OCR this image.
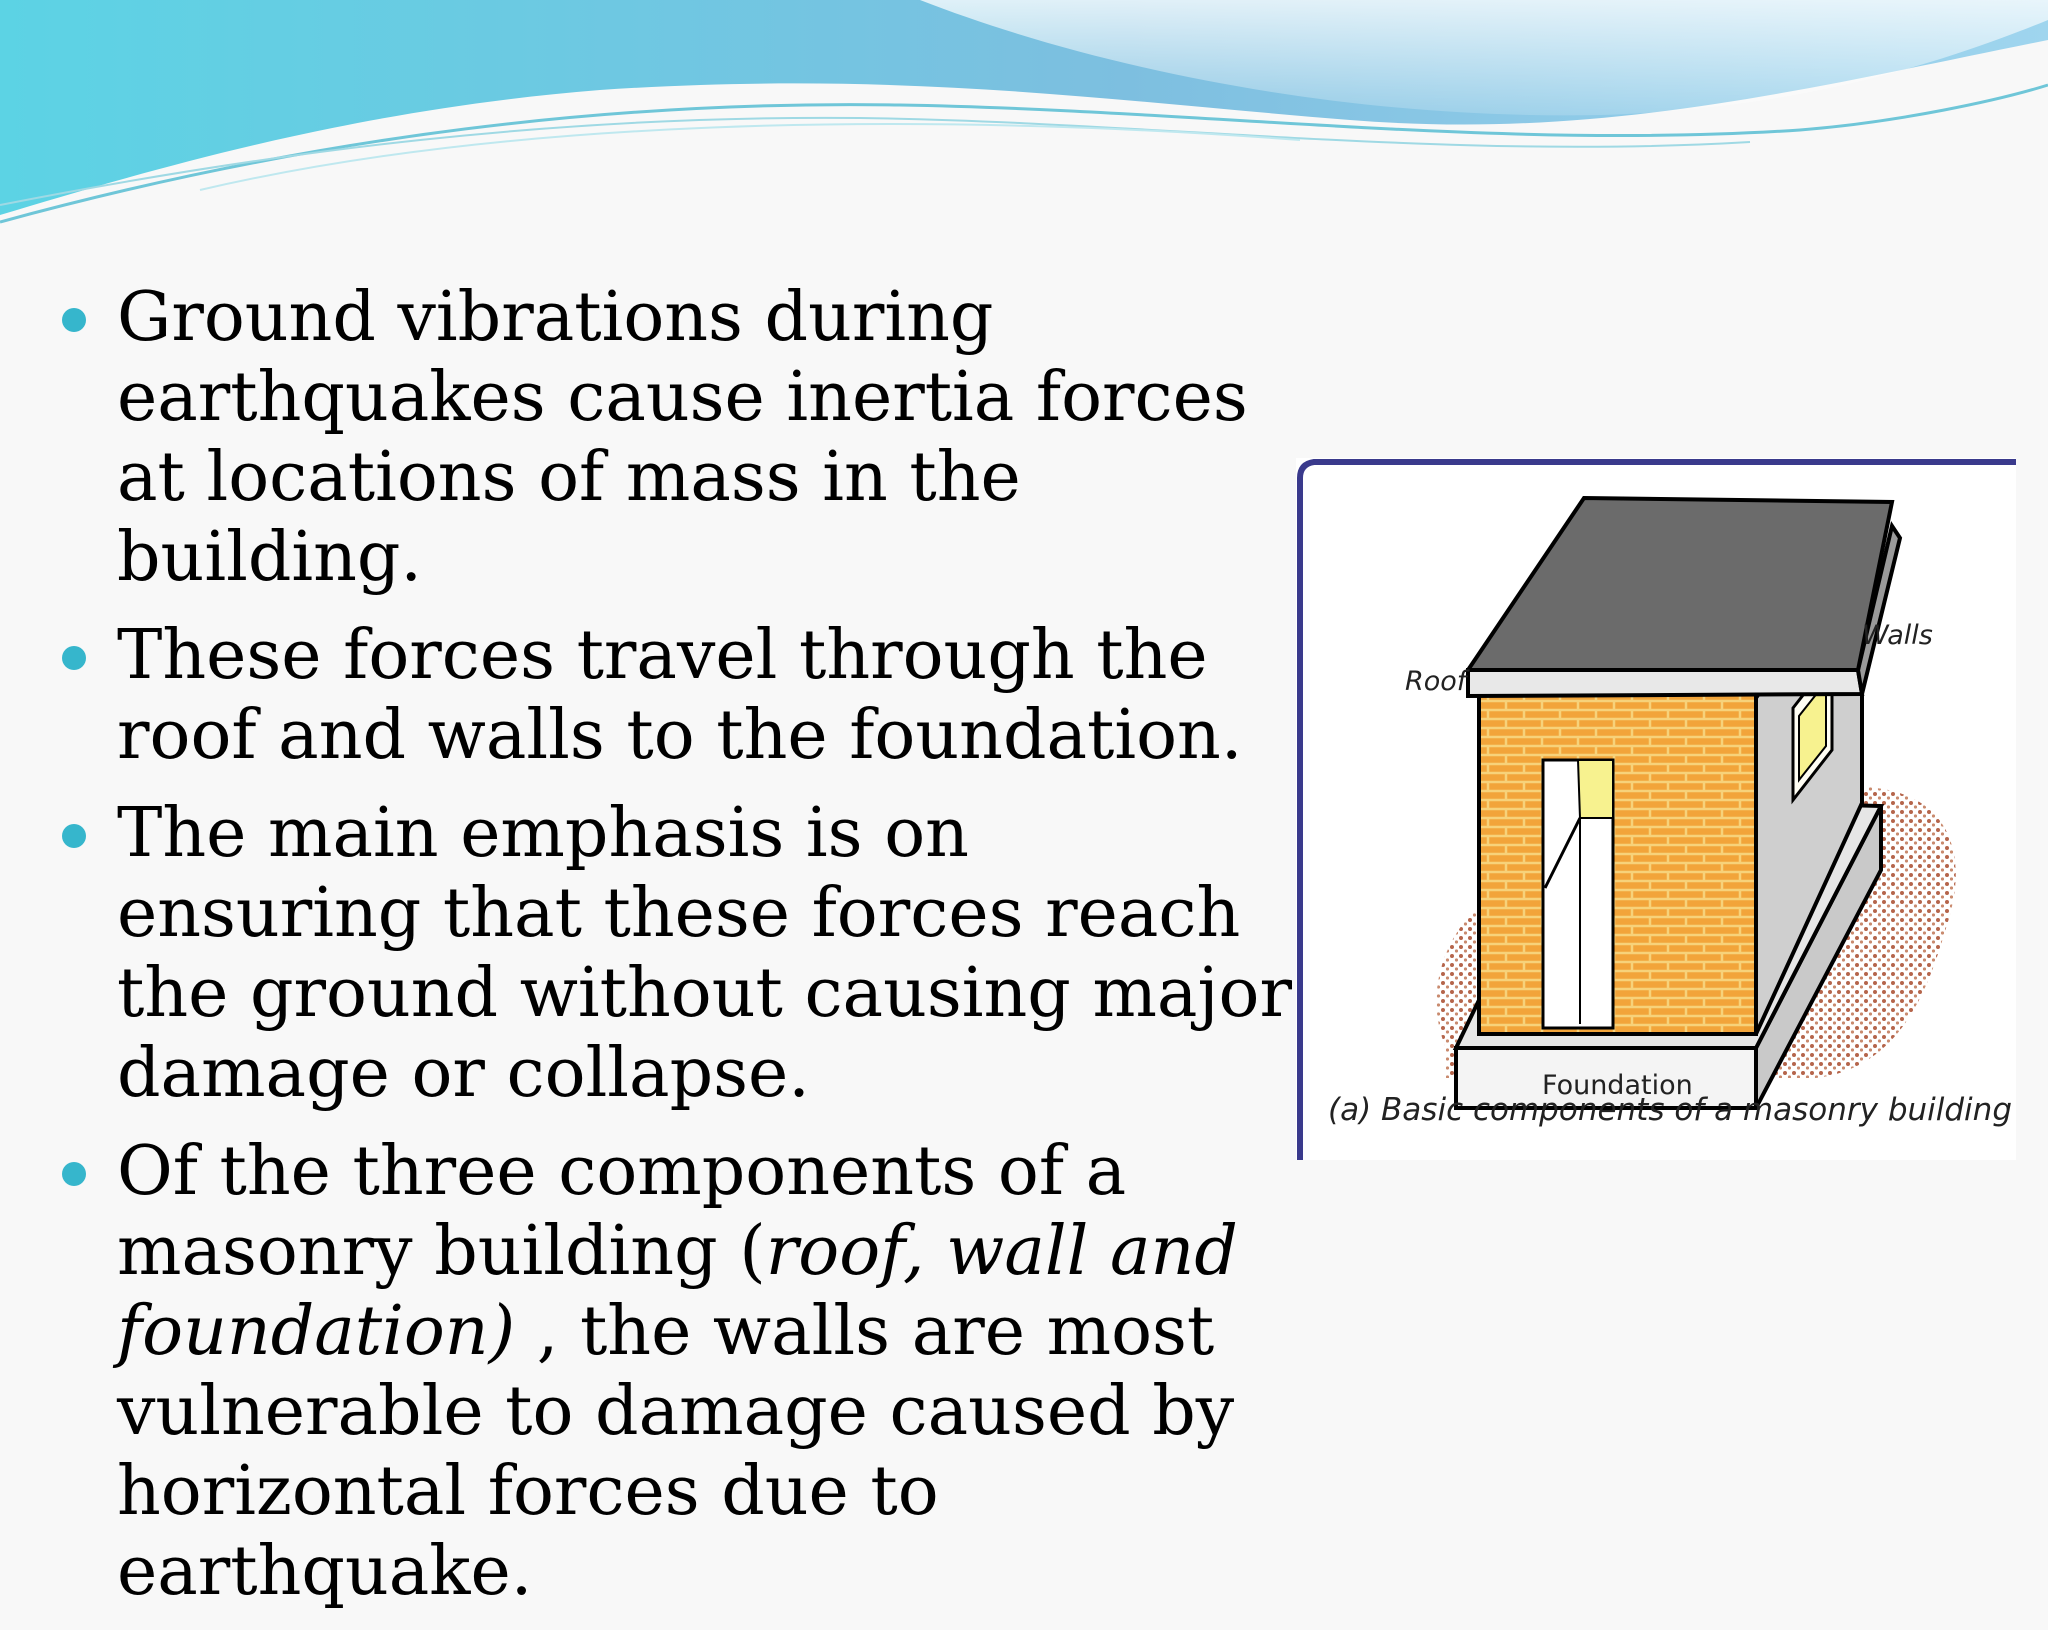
Ground vibrations during earthquakes cause inertia forces at locations of mass in the building.
These forces travel through the roof and walls to the foundation.
The main emphasis is on ensuring that these forces reach the ground without causing major damage or collapse.
Of the three components of a masonry building (roof, wall and foundation) , the walls are most vulnerable to damage caused by horizontal forces due to earthquake.
Roof
Walls
Foundation
(a) Basic components of a masonry building
